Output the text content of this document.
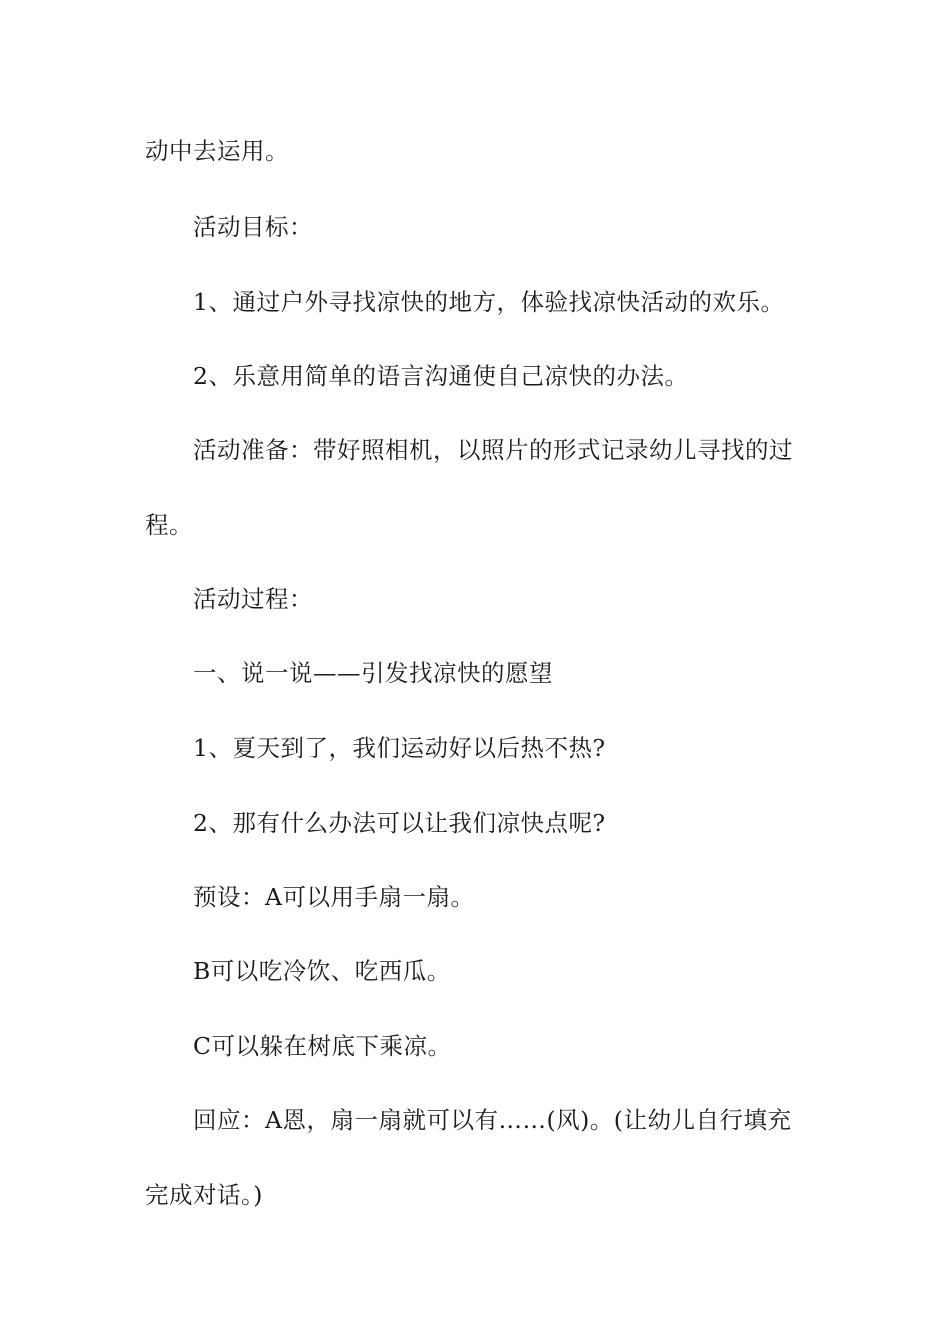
动中去运用。
活动目标：
1、通过户外寻找凉快的地方，体验找凉快活动的欢乐。
2、乐意用简单的语言沟通使自己凉快的办法。
活动准备：带好照相机，以照片的形式记录幼儿寻找的过
程。
活动过程：
一、说一说——引发找凉快的愿望
1、夏天到了，我们运动好以后热不热?
2、那有什么办法可以让我们凉快点呢?
预设：A可以用手扇一扇。
B可以吃冷饮、吃西瓜。
C可以躲在树底下乘凉。
回应：A恩，扇一扇就可以有……(风)。(让幼儿自行填充
完成对话。)
